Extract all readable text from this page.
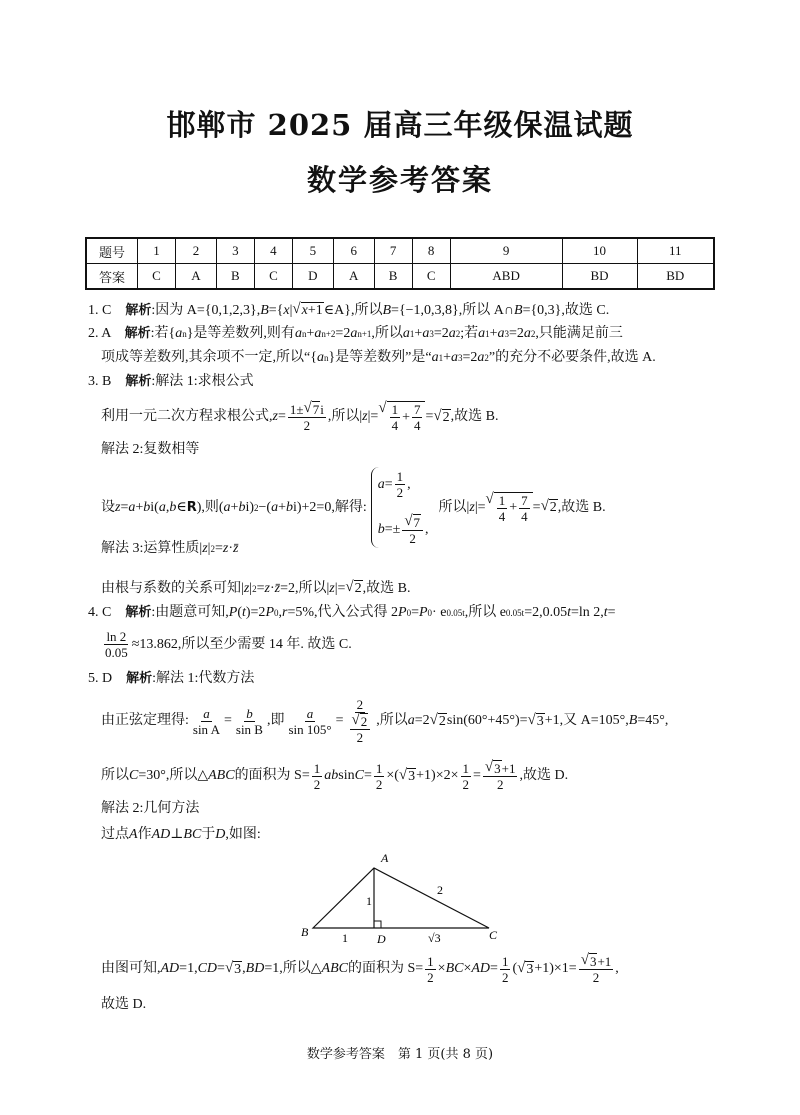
邯郸市 2025 届高三年级保温试题
数学参考答案
题号	1	2	3	4	5	6	7	8	9	10	11
答案	C	A	B	C	D	A	B	C	ABD	BD	BD
1. C　 解析 :因为 A={0,1,2,3}, B ={ x | √ x +1 ∈A},所以 B ={−1,0,3,8},所以 A∩ B ={0,3},故选 C.
2. A　 解析 :若{ a n }是等差数列,则有 a n + a n+2 =2 a n+1 ,所以 a 1 + a 3 =2 a 2 ;若 a 1 + a 3 =2 a 2 ,只能满足前三
项成等差数列,其余项不一定,所以“{ a n }是等差数列”是“ a 1 + a 3 =2 a 2 ”的充分不必要条件,故选 A.
3. B　 解析 :解法 1:求根公式
利用一元二次方程求根公式, $z = \frac{1\pm √ 7 i}{2}$ ,所以| z |=
√ $\frac{1}{4} + \frac{7}{4}$ = √ 2 ,故选 B.
解法 2:复数相等
设 z = a + b i( a , b ∈ R ),则( a + b i) 2 −( a + b i)+2=0,解得:
$a = \frac{1}{2}$ ,
$b =\pm \frac{√ 7}{2}$ ,
所以| z |=
√ $\frac{1}{4} + \frac{7}{4}$ = √ 2 ,故选 B.
解法 3:运算性质| z | 2 = z · z̄
由根与系数的关系可知| z | 2 = z · z̄ =2,所以| z |= √ 2 ,故选 B.
4. C　 解析 :由题意可知, P ( t )=2 P 0 , r =5%,代入公式得 2 P 0 = P 0 · e 0.05t ,所以 e 0.05t =2,0.05 t =ln 2, t =
$\frac{\ln 2}{0.05} \approx 13.862$,所以至少需要 14 年. 故选 C.
5. D　 解析 :解法 1:代数方法
由正弦定理得: $\frac{a}{\text{sin A}} = \frac{b}{\text{sin B}}$ ,即 $\frac{a}{\sin 105^\circ} = \frac{2}{\frac{√ 2}{2}}$ ,所以 a =2 √ 2 sin(60°+45°)= √ 3 +1,又 A=105°, B =45°,
所以 C =30°,所以△ ABC 的面积为 $S= \frac{1}{2}$ ab $\sin C = \frac{1}{2}$ ×( √ $3 +1)\times 2\times \frac{1}{2} = \frac{√ 3 +1}{2}$ ,故选 D.
解法 2:几何方法
过点 A 作 AD ⊥ BC 于 D ,如图:
由图可知, AD =1, CD = √ 3 , BD =1,所以△ ABC 的面积为 $S= \frac{1}{2}$ × BC × AD = $\frac{1}{2}$ ( √ $3 +1)\times 1= \frac{√ 3 +1}{2}$ ,
故选 D.
A
B	D	C
1
1	√3
2
数学参考答案　第 1 页(共 8 页)
